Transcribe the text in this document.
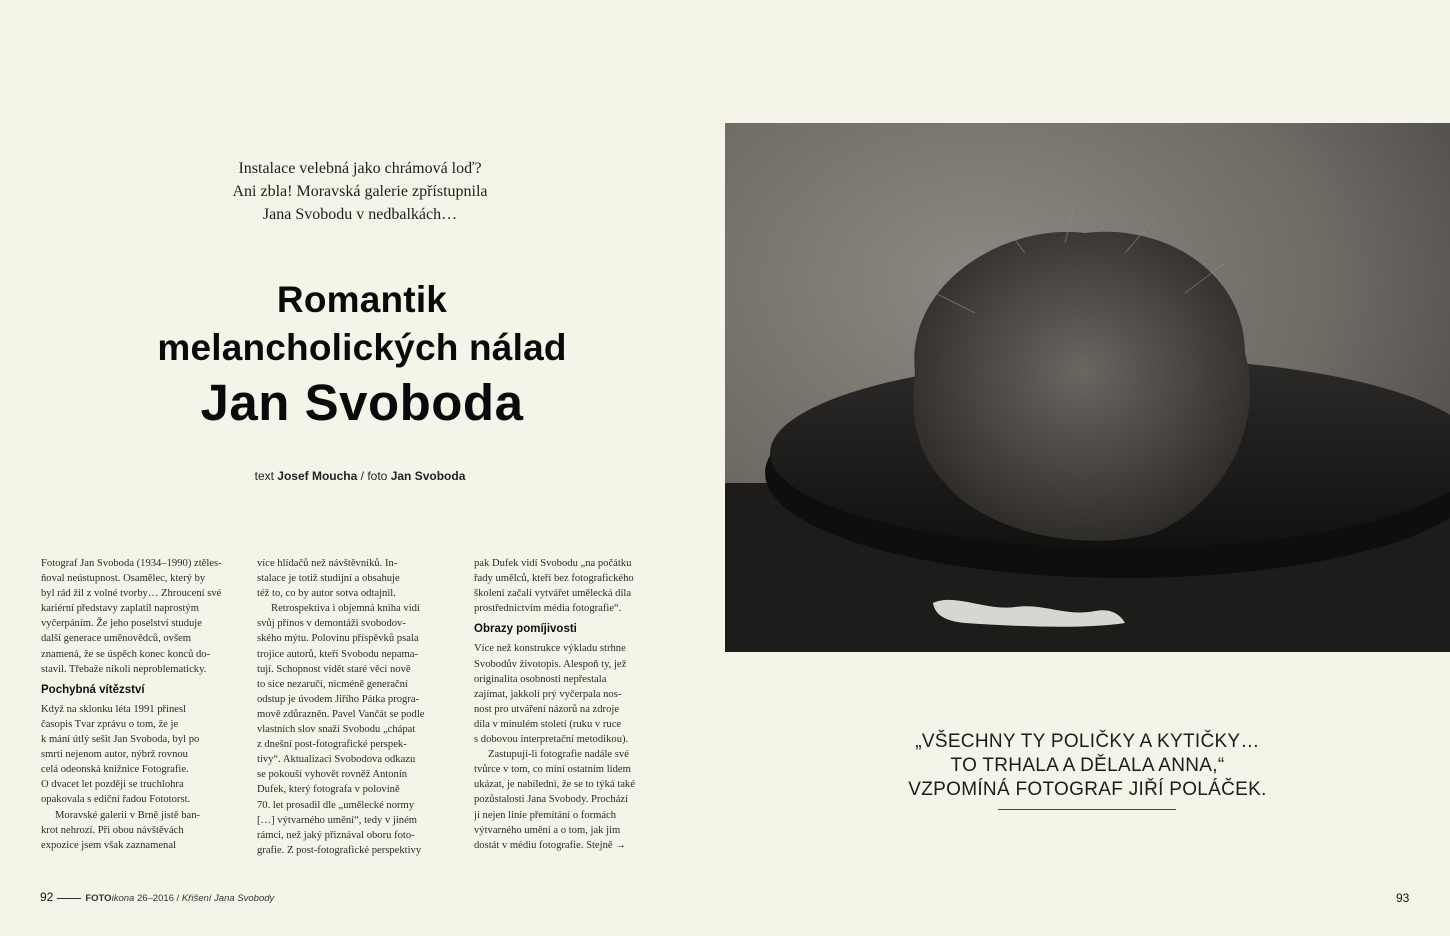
Instalace velebná jako chrámová loď?
Ani zbla! Moravská galerie zpřístupnila
Jana Svobodu v nedbalkách…
Romantik
melancholických nálad
Jan Svoboda
text Josef Moucha / foto Jan Svoboda
Fotograf Jan Svoboda (1934–1990) ztěles-
ňoval neústupnost. Osamělec, který by
byl rád žil z volné tvorby… Zhroucení své
kariérní představy zaplatil naprostým
vyčerpáním. Že jeho poselství studuje
další generace uměnovědců, ovšem
znamená, že se úspěch konec konců do-
stavil. Třebaže nikoli neproblematicky.
Pochybná vítězství
Když na sklonku léta 1991 přinesl
časopis Tvar zprávu o tom, že je
k mání útlý sešit Jan Svoboda, byl po
smrti nejenom autor, nýbrž rovnou
celá odeonská knižnice Fotografie.
O dvacet let později se truchlohra
opakovala s ediční řadou Fototorst.
Moravské galerii v Brně jistě ban-
krot nehrozí. Při obou návštěvách
expozice jsem však zaznamenal
více hlídačů než návštěvníků. In-
stalace je totiž studijní a obsahuje
též to, co by autor sotva odtajnil.
Retrospektiva i objemná kniha vidí
svůj přínos v demontáži svobodov-
ského mýtu. Polovinu příspěvků psala
trojice autorů, kteří Svobodu nepama-
tují. Schopnost vidět staré věci nově
to sice nezaručí, nicméně generační
odstup je úvodem Jiřího Pátka progra-
mově zdůrazněn. Pavel Vančát se podle
vlastních slov snaží Svobodu „chápat
z dnešní post-fotografické perspek-
tivy“. Aktualizaci Svobodova odkazu
se pokouší vyhovět rovněž Antonín
Dufek, který fotografa v polovině
70. let prosadil dle „umělecké normy
[…] výtvarného umění“, tedy v jiném
rámci, než jaký přiznával oboru foto-
grafie. Z post-fotografické perspektivy
pak Dufek vidí Svobodu „na počátku
řady umělců, kteří bez fotografického
školení začali vytvářet umělecká díla
prostřednictvím média fotografie“.
Obrazy pomíjivosti
Více než konstrukce výkladu strhne
Svobodův životopis. Alespoň ty, jež
originalita osobnosti nepřestala
zajímat, jakkoli prý vyčerpala nos-
nost pro utváření názorů na zdroje
díla v minulém století (ruku v ruce
s dobovou interpretační metodikou).
Zastupují-li fotografie nadále své
tvůrce v tom, co míní ostatním lidem
ukázat, je nabíledni, že se to týká také
pozůstalosti Jana Svobody. Prochází
jí nejen linie přemítání o formách
výtvarného umění a o tom, jak jim
dostát v médiu fotografie. Stejně →
92	FOTOikona 26–2016 / Křišení Jana Svobody	93
„VŠECHNY TY POLIČKY A KYTIČKY…
TO TRHALA A DĚLALA ANNA,“
VZPOMÍNÁ FOTOGRAF JIŘÍ POLÁČEK.
